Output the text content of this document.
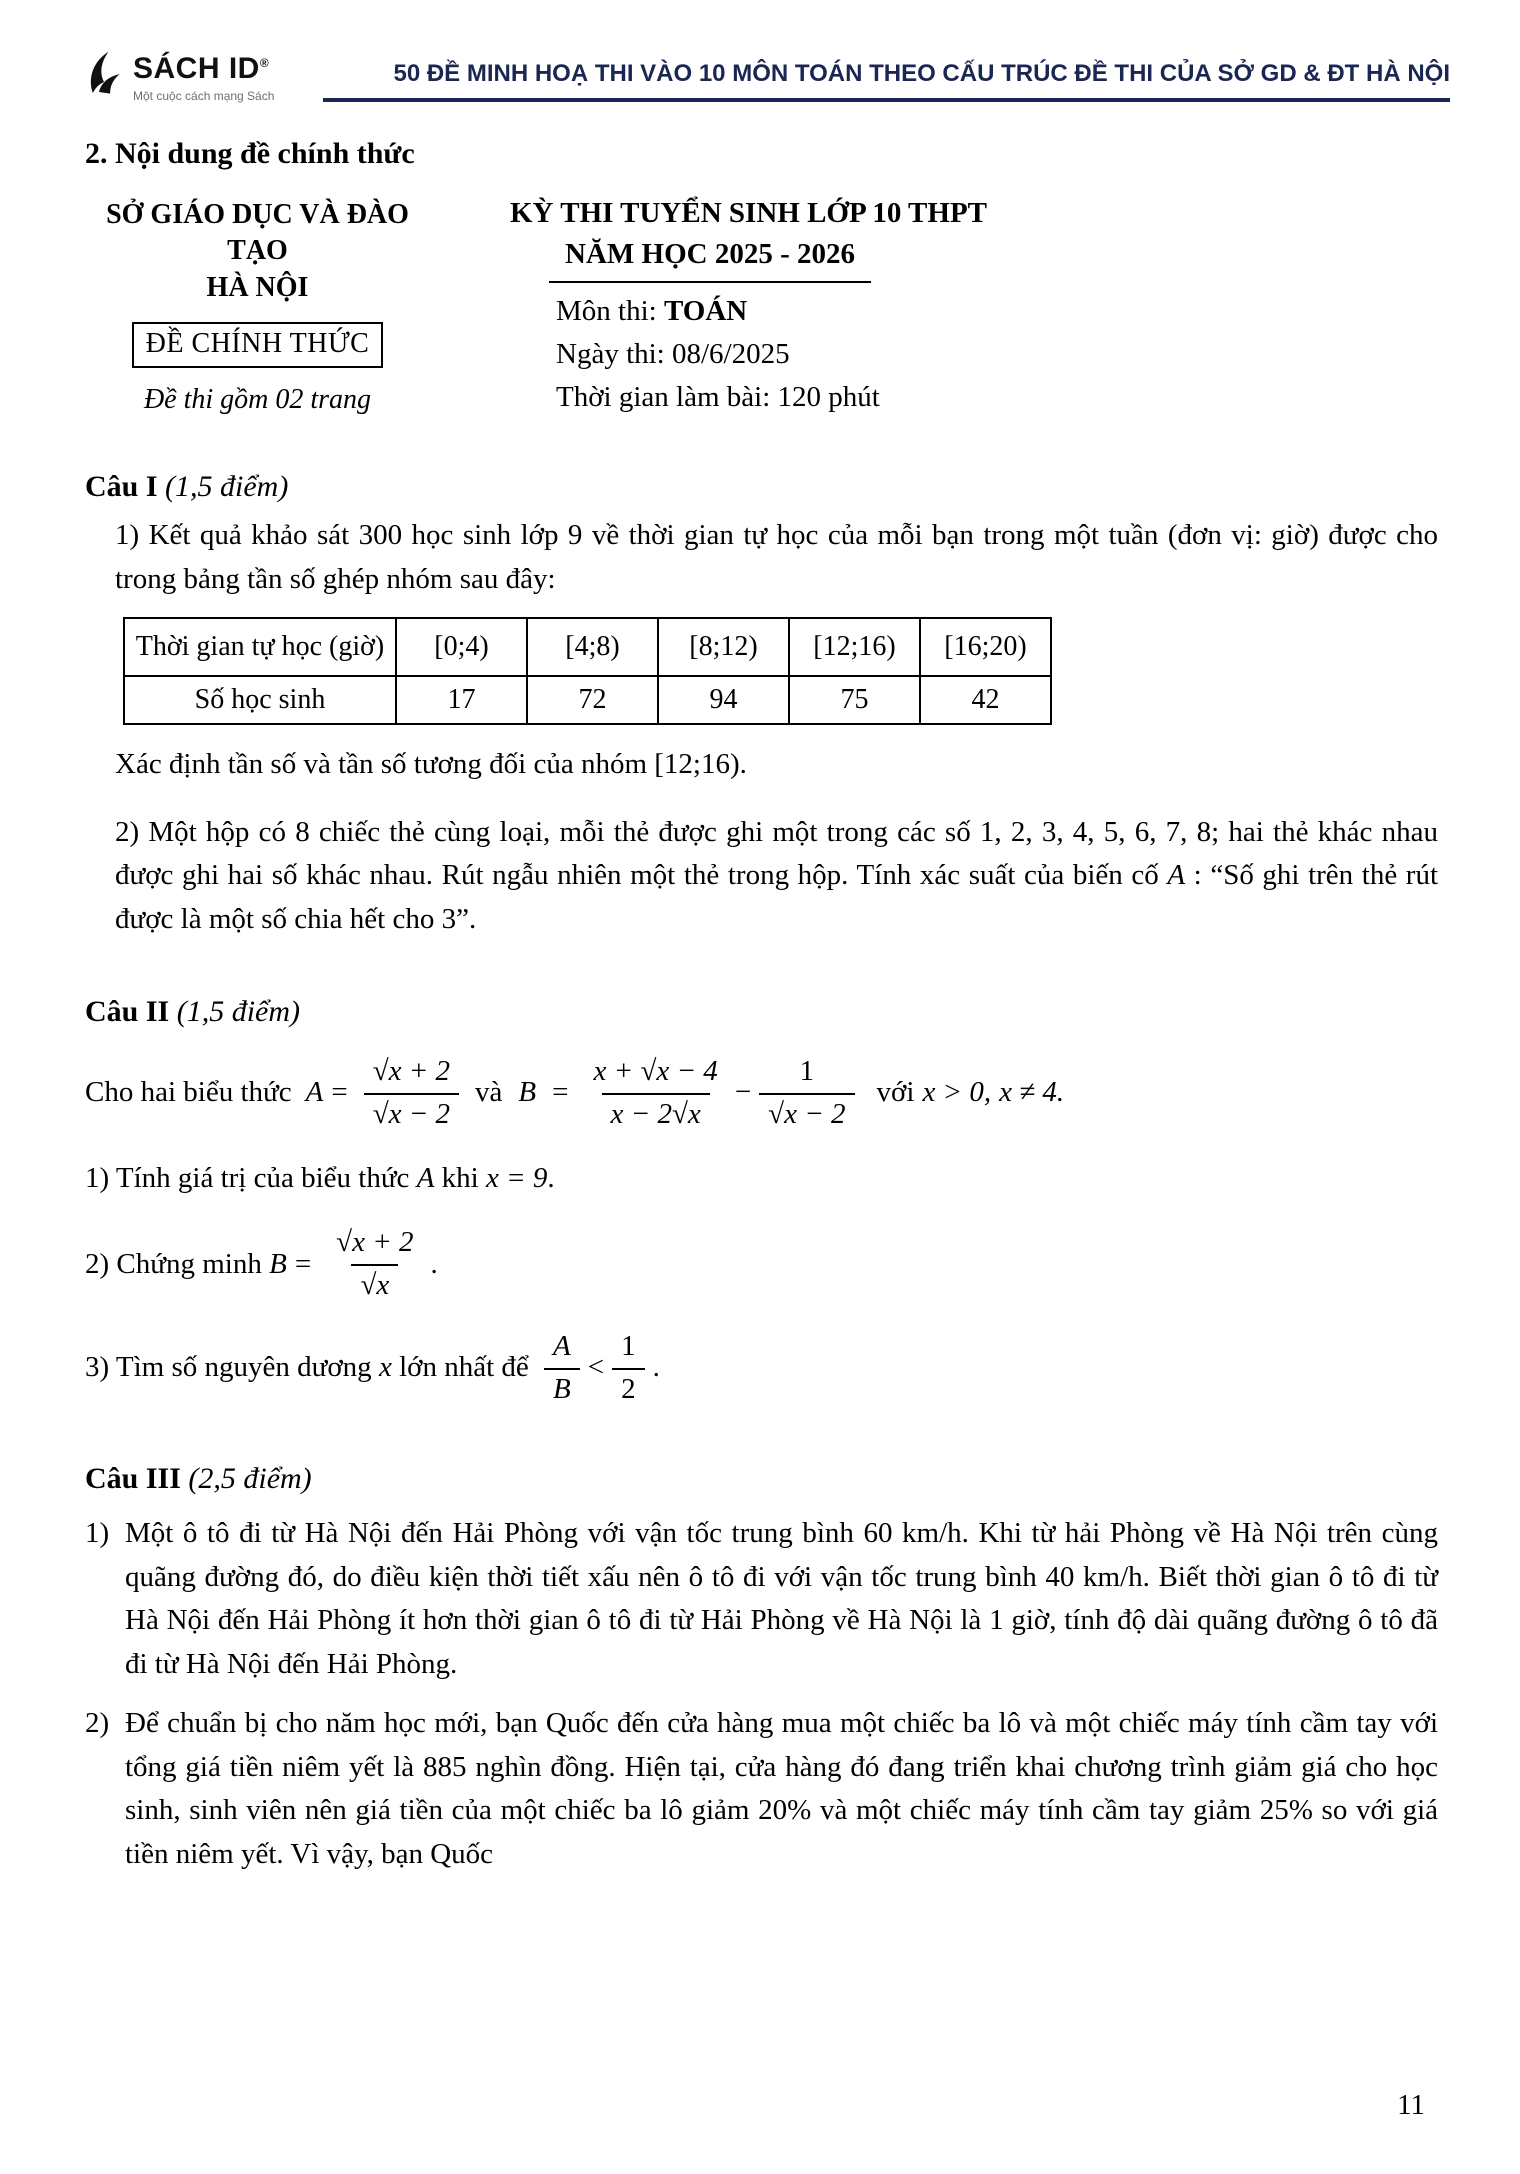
SÁCH ID®
Một cuộc cách mạng Sách
50 ĐỀ MINH HOẠ THI VÀO 10 MÔN TOÁN THEO CẤU TRÚC ĐỀ THI CỦA SỞ GD & ĐT HÀ NỘI
2. Nội dung đề chính thức
SỞ GIÁO DỤC VÀ ĐÀO TẠO
HÀ NỘI
ĐỀ CHÍNH THỨC
Đề thi gồm 02 trang
KỲ THI TUYỂN SINH LỚP 10 THPT
NĂM HỌC 2025 - 2026
Môn thi: TOÁN
Ngày thi: 08/6/2025
Thời gian làm bài: 120 phút
Câu I (1,5 điểm)
1) Kết quả khảo sát 300 học sinh lớp 9 về thời gian tự học của mỗi bạn trong một tuần (đơn vị: giờ) được cho trong bảng tần số ghép nhóm sau đây:
Thời gian tự học (giờ)	[0;4)	[4;8)	[8;12)	[12;16)	[16;20)
Số học sinh	17	72	94	75	42
Xác định tần số và tần số tương đối của nhóm [12;16).
2) Một hộp có 8 chiếc thẻ cùng loại, mỗi thẻ được ghi một trong các số 1, 2, 3, 4, 5, 6, 7, 8; hai thẻ khác nhau được ghi hai số khác nhau. Rút ngẫu nhiên một thẻ trong hộp. Tính xác suất của biến cố A : “Số ghi trên thẻ rút được là một số chia hết cho 3”.
Câu II (1,5 điểm)
Cho hai biểu thức $A = \frac{√x + 2}{√x - 2}$ và $B = \frac{x + √x - 4}{x - 2√x} - \frac{1}{√x - 2}$ với x > 0, x ≠ 4.
1) Tính giá trị của biểu thức A khi x = 9.
2) Chứng minh $B = \frac{√x + 2}{√x}$ .
3) Tìm số nguyên dương x lớn nhất để $\frac{A}{B} < \frac{1}{2}$ .
Câu III (2,5 điểm)
1) Một ô tô đi từ Hà Nội đến Hải Phòng với vận tốc trung bình 60 km/h. Khi từ hải Phòng về Hà Nội trên cùng quãng đường đó, do điều kiện thời tiết xấu nên ô tô đi với vận tốc trung bình 40 km/h. Biết thời gian ô tô đi từ Hà Nội đến Hải Phòng ít hơn thời gian ô tô đi từ Hải Phòng về Hà Nội là 1 giờ, tính độ dài quãng đường ô tô đã đi từ Hà Nội đến Hải Phòng.
2) Để chuẩn bị cho năm học mới, bạn Quốc đến cửa hàng mua một chiếc ba lô và một chiếc máy tính cầm tay với tổng giá tiền niêm yết là 885 nghìn đồng. Hiện tại, cửa hàng đó đang triển khai chương trình giảm giá cho học sinh, sinh viên nên giá tiền của một chiếc ba lô giảm 20% và một chiếc máy tính cầm tay giảm 25% so với giá tiền niêm yết. Vì vậy, bạn Quốc
11
